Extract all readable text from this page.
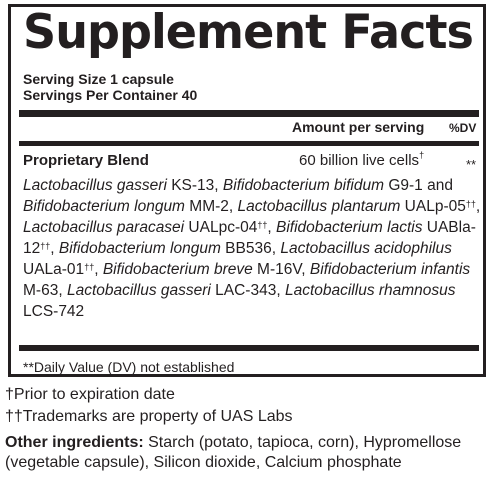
Supplement Facts
Serving Size 1 capsule
Servings Per Container 40
Amount per serving %DV
Proprietary Blend	60 billion live cells†
**
Lactobacillus gasseri KS-13, Bifidobacterium bifidum G9-1 and Bifidobacterium longum MM-2, Lactobacillus plantarum UALp-05††, Lactobacillus paracasei UALpc-04††, Bifidobacterium lactis UABla-12††, Bifidobacterium longum BB536, Lactobacillus acidophilus UALa-01††, Bifidobacterium breve M-16V, Bifidobacterium infantis M-63, Lactobacillus gasseri LAC-343, Lactobacillus rhamnosus LCS-742
**Daily Value (DV) not established
†Prior to expiration date
††Trademarks are property of UAS Labs
Other ingredients: Starch (potato, tapioca, corn), Hypromellose (vegetable capsule), Silicon dioxide, Calcium phosphate
